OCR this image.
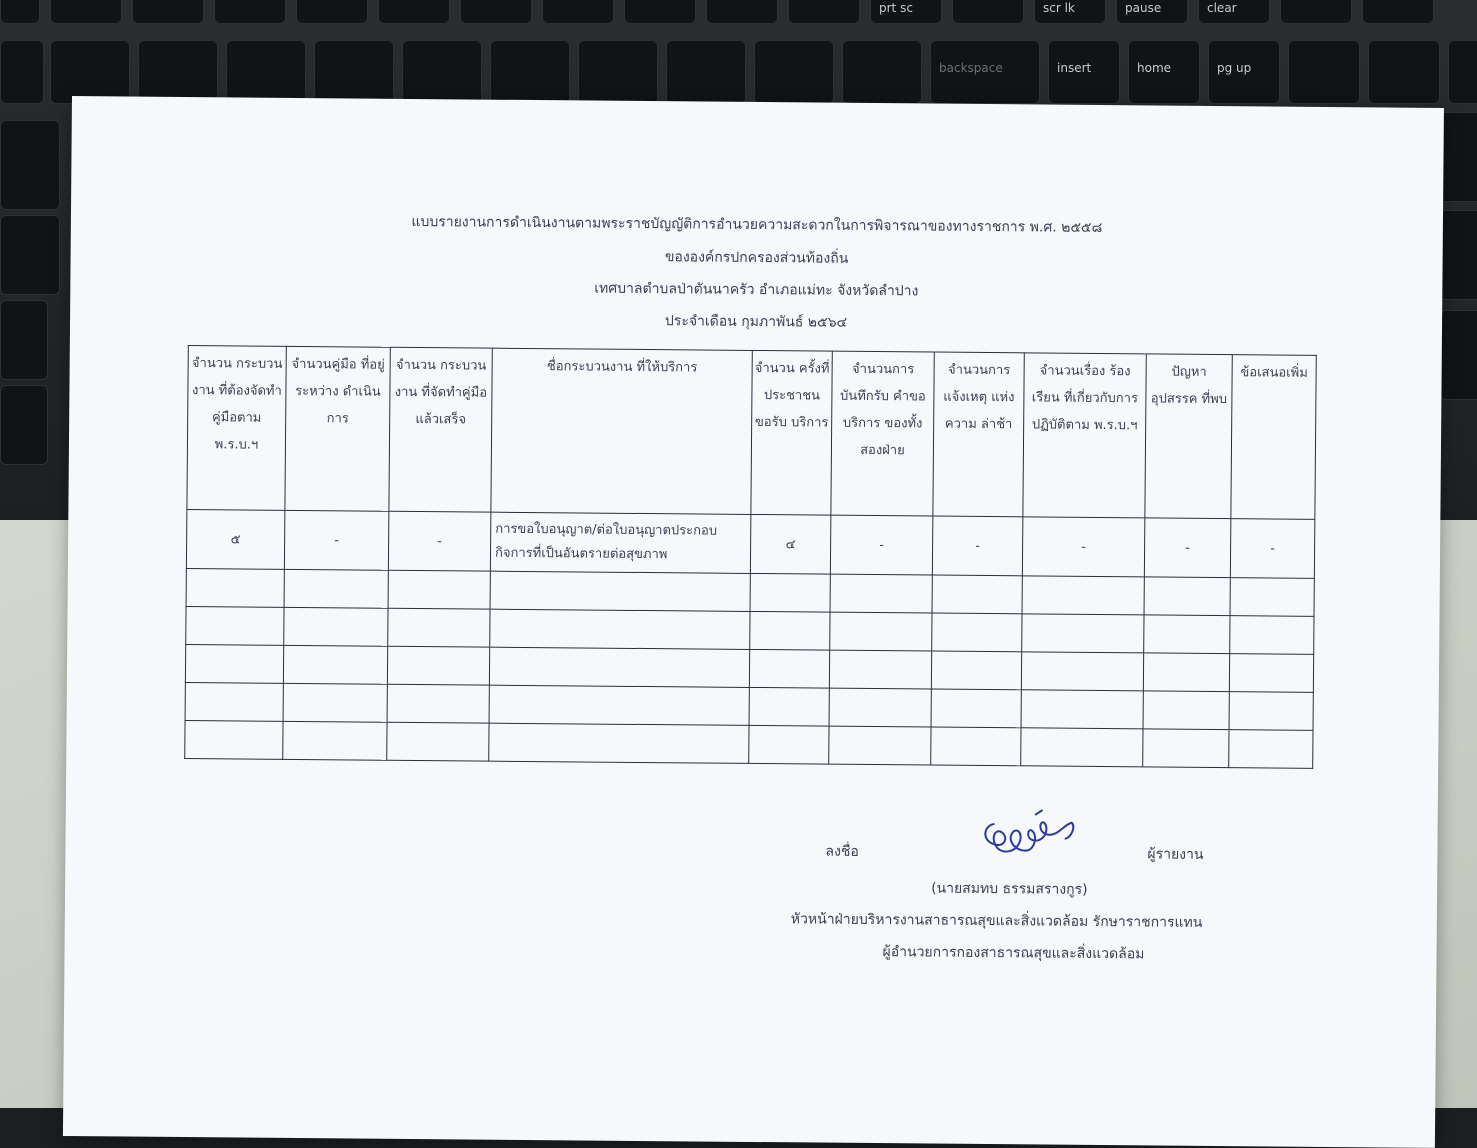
prt sc	scr lk	pause	clear
backspace	insert	home	pg up
แบบรายงานการดำเนินงานตามพระราชบัญญัติการอำนวยความสะดวกในการพิจารณาของทางราชการ พ.ศ. ๒๕๕๘
ขององค์กรปกครองส่วนท้องถิ่น
เทศบาลตำบลป่าตันนาครัว อำเภอแม่ทะ จังหวัดลำปาง
ประจำเดือน กุมภาพันธ์ ๒๕๖๔
จำนวน กระบวนงาน ที่ต้องจัดทำ คู่มือตาม พ.ร.บ.ฯ	จำนวนคู่มือ ที่อยู่ระหว่าง ดำเนินการ	จำนวน กระบวนงาน ที่จัดทำคู่มือ แล้วเสร็จ	ชื่อกระบวนงาน ที่ให้บริการ	จำนวน ครั้งที่ ประชาชน ขอรับ บริการ	จำนวนการ บันทึกรับ คำขอบริการ ของทั้งสองฝ่าย	จำนวนการ แจ้งเหตุ แห่งความ ล่าช้า	จำนวนเรื่อง ร้องเรียน ที่เกี่ยวกับการ ปฏิบัติตาม พ.ร.บ.ฯ	ปัญหา อุปสรรค ที่พบ	ข้อเสนอเพิ่ม
๕	-	-	การขอใบอนุญาต/ต่อใบอนุญาตประกอบกิจการที่เป็นอันตรายต่อสุขภาพ	๔	-	-	-	-	-

ลงชื่อ	ผู้รายงาน
(นายสมทบ ธรรมสรางกูร)
หัวหน้าฝ่ายบริหารงานสาธารณสุขและสิ่งแวดล้อม รักษาราชการแทน
ผู้อำนวยการกองสาธารณสุขและสิ่งแวดล้อม
